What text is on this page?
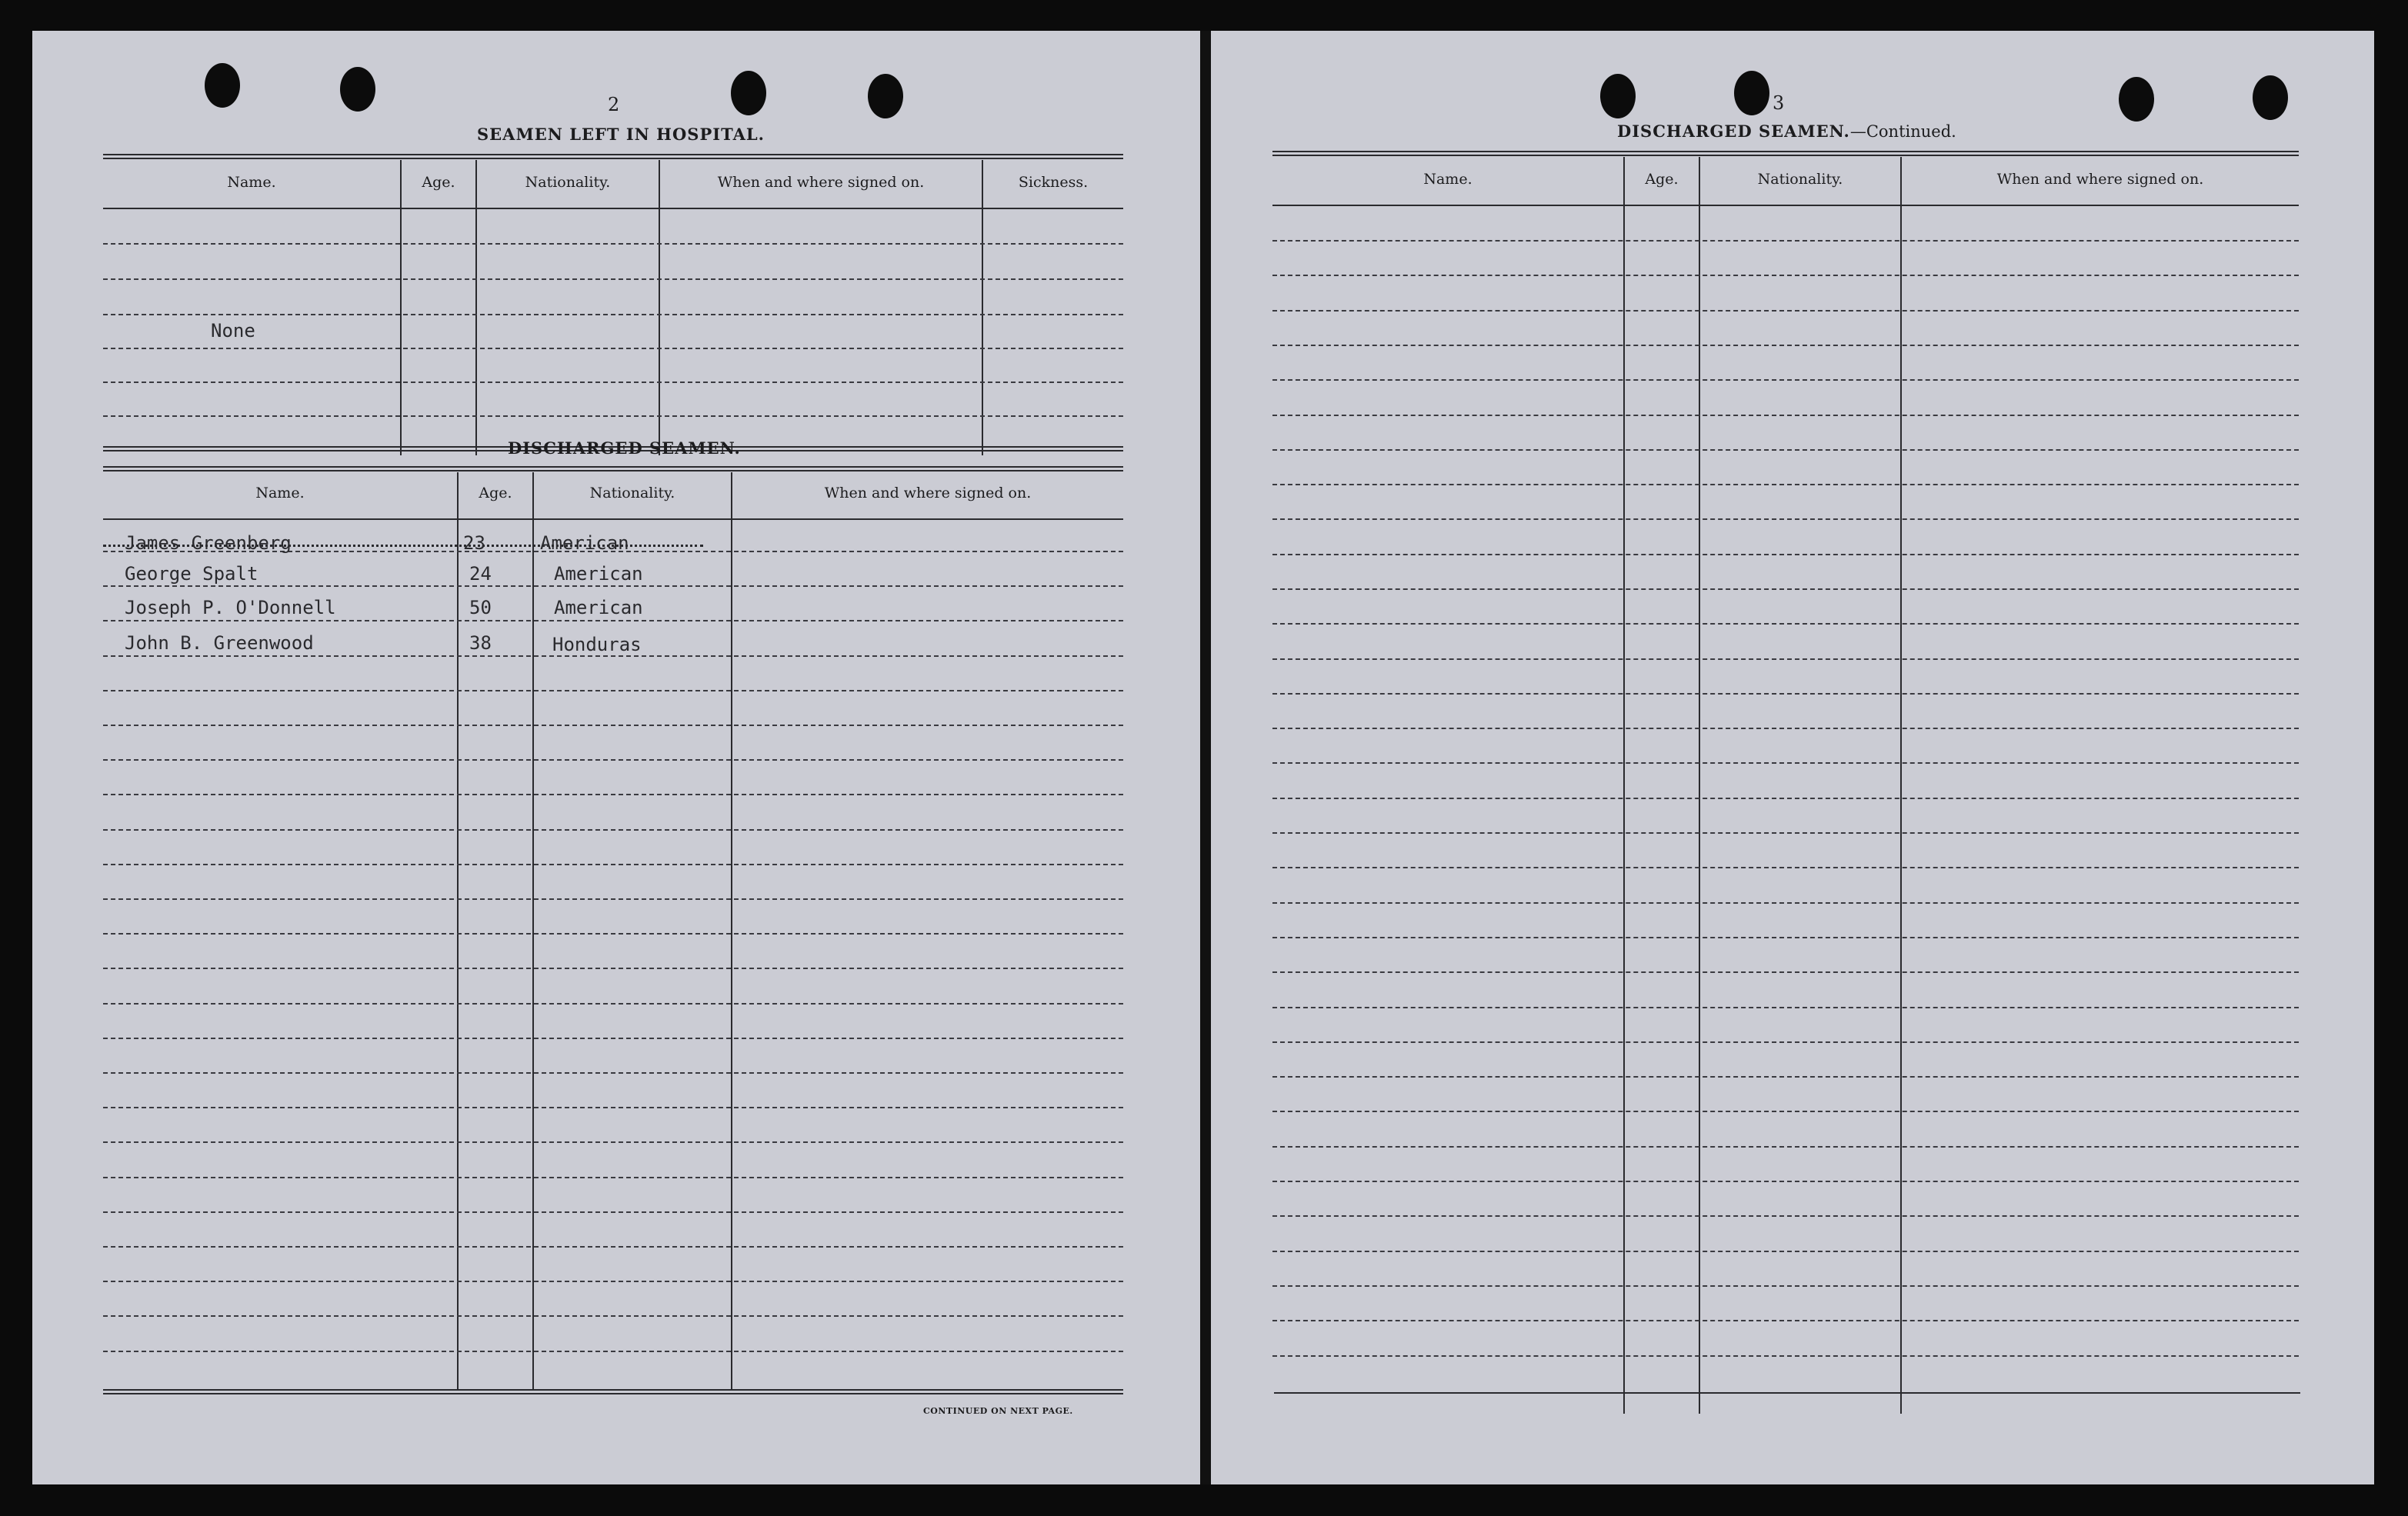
2
SEAMEN LEFT IN HOSPITAL.
Name.	Age.	Nationality.	When and where signed on.	Sickness.
None
DISCHARGED SEAMEN.
Name.	Age.	Nationality.	When and where signed on.
James Greenberg	23	American
George Spalt	24	American
Joseph P. O'Donnell	50	American
John B. Greenwood	38	Honduras
CONTINUED ON NEXT PAGE.
3
DISCHARGED SEAMEN.—Continued.
Name.	Age.	Nationality.	When and where signed on.
